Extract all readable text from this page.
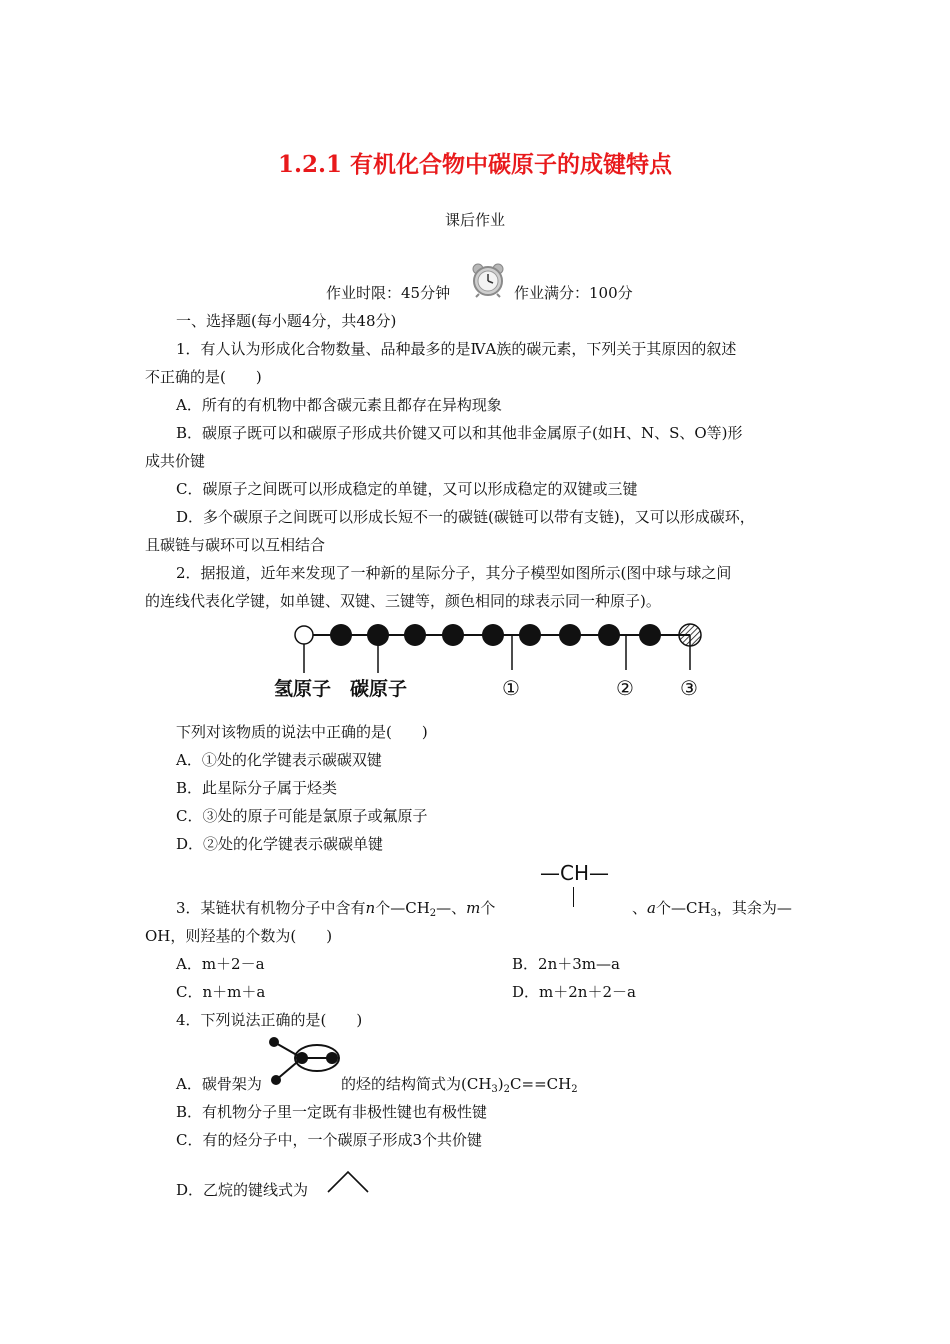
1.2.1 有机化合物中碳原子的成键特点
课后作业
作业时限：45分钟	作业满分：100分
一、选择题(每小题4分，共48分)
1．有人认为形成化合物数量、品种最多的是ⅣA族的碳元素，下列关于其原因的叙述
不正确的是(　　)
A．所有的有机物中都含碳元素且都存在异构现象
B．碳原子既可以和碳原子形成共价键又可以和其他非金属原子(如H、N、S、O等)形
成共价键
C．碳原子之间既可以形成稳定的单键，又可以形成稳定的双键或三键
D．多个碳原子之间既可以形成长短不一的碳链(碳链可以带有支链)，又可以形成碳环，
且碳链与碳环可以互相结合
2．据报道，近年来发现了一种新的星际分子，其分子模型如图所示(图中球与球之间
的连线代表化学键，如单键、双键、三键等，颜色相同的球表示同一种原子)。
氢原子 碳原子	①	② ③
下列对该物质的说法中正确的是(　　)
A．①处的化学键表示碳碳双键
B．此星际分子属于烃类
C．③处的原子可能是氯原子或氟原子
D．②处的化学键表示碳碳单键
—CH—
3．某链状有机物分子中含有n个$—CH_2—$、m个	、a个$—CH_3$，其余为—
OH，则羟基的个数为(　　)
A．m＋2－a	B．2n＋3m—a
C．n＋m＋a	D．m＋2n＋2－a
4．下列说法正确的是(　　)
A．碳骨架为	的烃的结构简式为$(CH_3)_2C==CH_2$
B．有机物分子里一定既有非极性键也有极性键
C．有的烃分子中，一个碳原子形成3个共价键
D．乙烷的键线式为
